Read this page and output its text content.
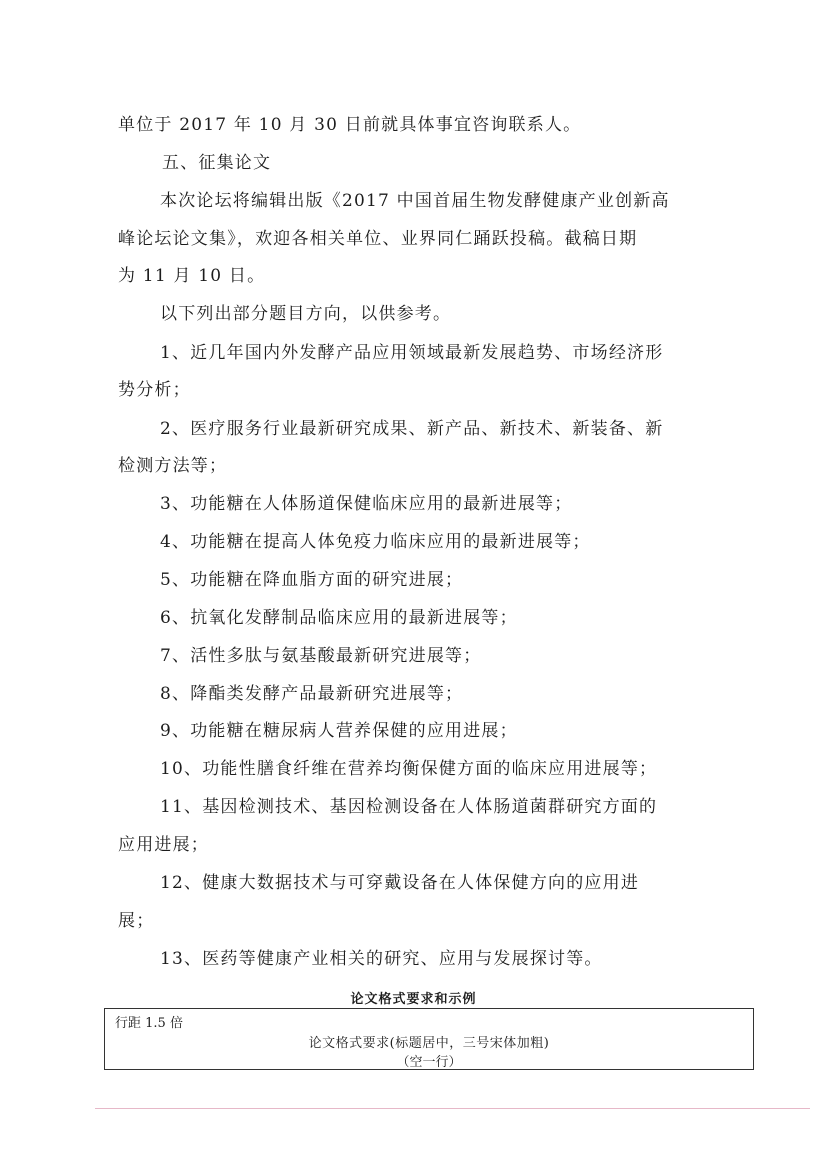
单位于 2017 年 10 月 30 日前就具体事宜咨询联系人。
五、征集论文
本次论坛将编辑出版《2017 中国首届生物发酵健康产业创新高
峰论坛论文集》，欢迎各相关单位、业界同仁踊跃投稿。截稿日期
为 11 月 10 日。
以下列出部分题目方向，以供参考。
1、近几年国内外发酵产品应用领域最新发展趋势、市场经济形
势分析；
2、医疗服务行业最新研究成果、新产品、新技术、新装备、新
检测方法等；
3、功能糖在人体肠道保健临床应用的最新进展等；
4、功能糖在提高人体免疫力临床应用的最新进展等；
5、功能糖在降血脂方面的研究进展；
6、抗氧化发酵制品临床应用的最新进展等；
7、活性多肽与氨基酸最新研究进展等；
8、降酯类发酵产品最新研究进展等；
9、功能糖在糖尿病人营养保健的应用进展；
10、功能性膳食纤维在营养均衡保健方面的临床应用进展等；
11、基因检测技术、基因检测设备在人体肠道菌群研究方面的
应用进展；
12、健康大数据技术与可穿戴设备在人体保健方向的应用进
展；
13、医药等健康产业相关的研究、应用与发展探讨等。
论文格式要求和示例
行距 1.5 倍
论文格式要求(标题居中，三号宋体加粗)
（空一行）
